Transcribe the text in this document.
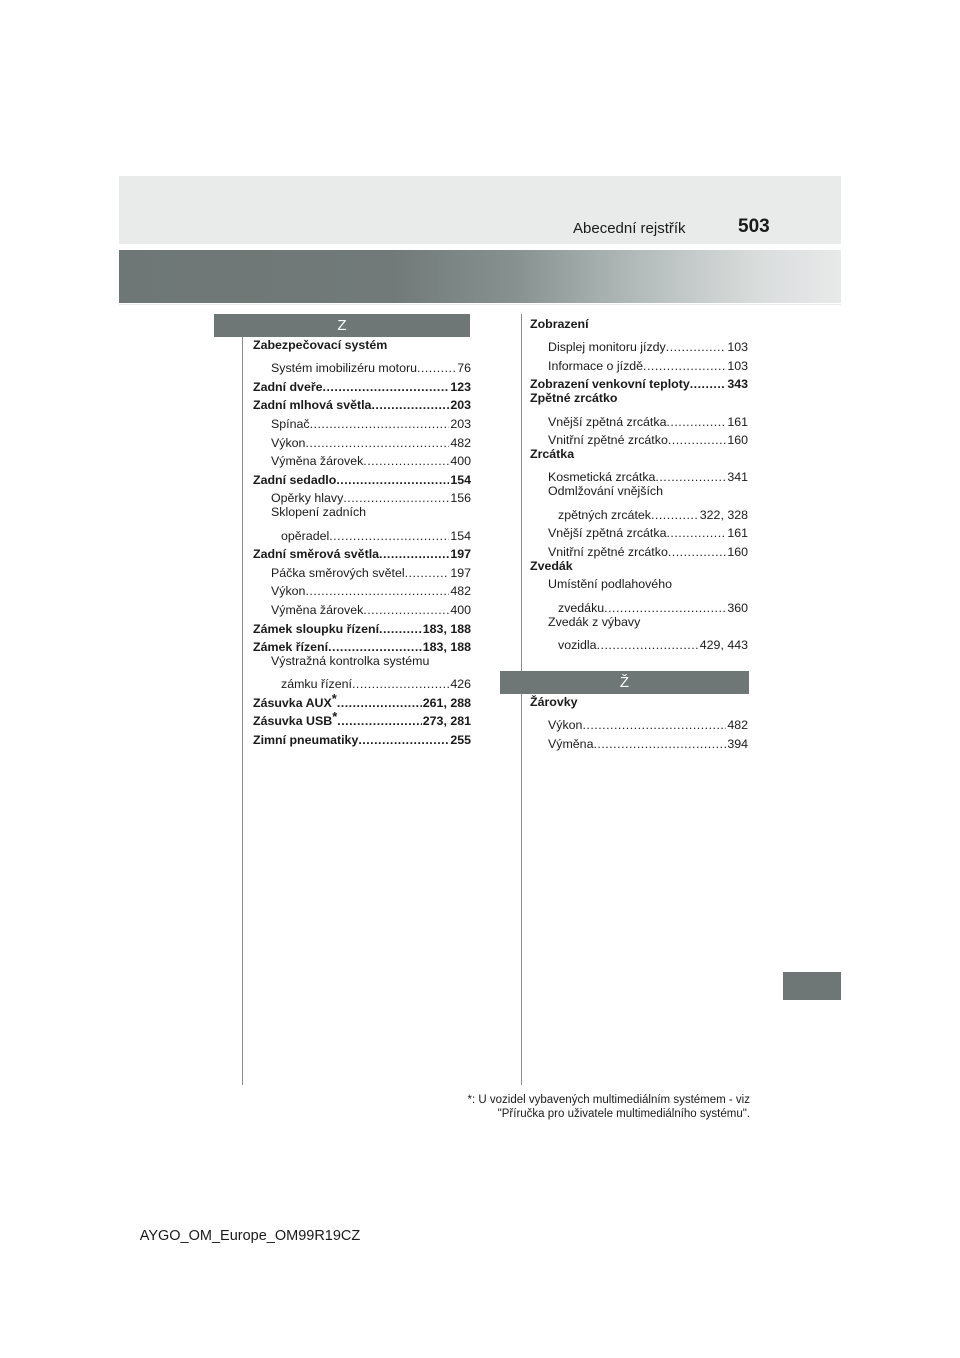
Abecední rejstřík	503
Z
Zabezpečovací systém
Systém imobilizéru motoru .....	76
Zadní dveře .....	123
Zadní mlhová světla .....	203
Spínač .....	203
Výkon .....	482
Výměna žárovek .....	400
Zadní sedadlo .....	154
Opěrky hlavy .....	156
Sklopení zadních
opěradel .....	154
Zadní směrová světla .....	197
Páčka směrových světel .....	197
Výkon .....	482
Výměna žárovek .....	400
Zámek sloupku řízení .....	183, 188
Zámek řízení .....	183, 188
Výstražná kontrolka systému
zámku řízení .....	426
Zásuvka AUX* .....	261, 288
Zásuvka USB* .....	273, 281
Zimní pneumatiky .....	255
Zobrazení
Displej monitoru jízdy .....	103
Informace o jízdě .....	103
Zobrazení venkovní teploty .....	343
Zpětné zrcátko
Vnější zpětná zrcátka .....	161
Vnitřní zpětné zrcátko .....	160
Zrcátka
Kosmetická zrcátka .....	341
Odmlžování vnějších
zpětných zrcátek .....	322, 328
Vnější zpětná zrcátka .....	161
Vnitřní zpětné zrcátko .....	160
Zvedák
Umístění podlahového
zvedáku .....	360
Zvedák z výbavy
vozidla .....	429, 443
Ž
Žárovky
Výkon .....	482
Výměna .....	394
*: U vozidel vybavených multimediálním systémem - viz
"Příručka pro uživatele multimediálního systému".
AYGO_OM_Europe_OM99R19CZ
